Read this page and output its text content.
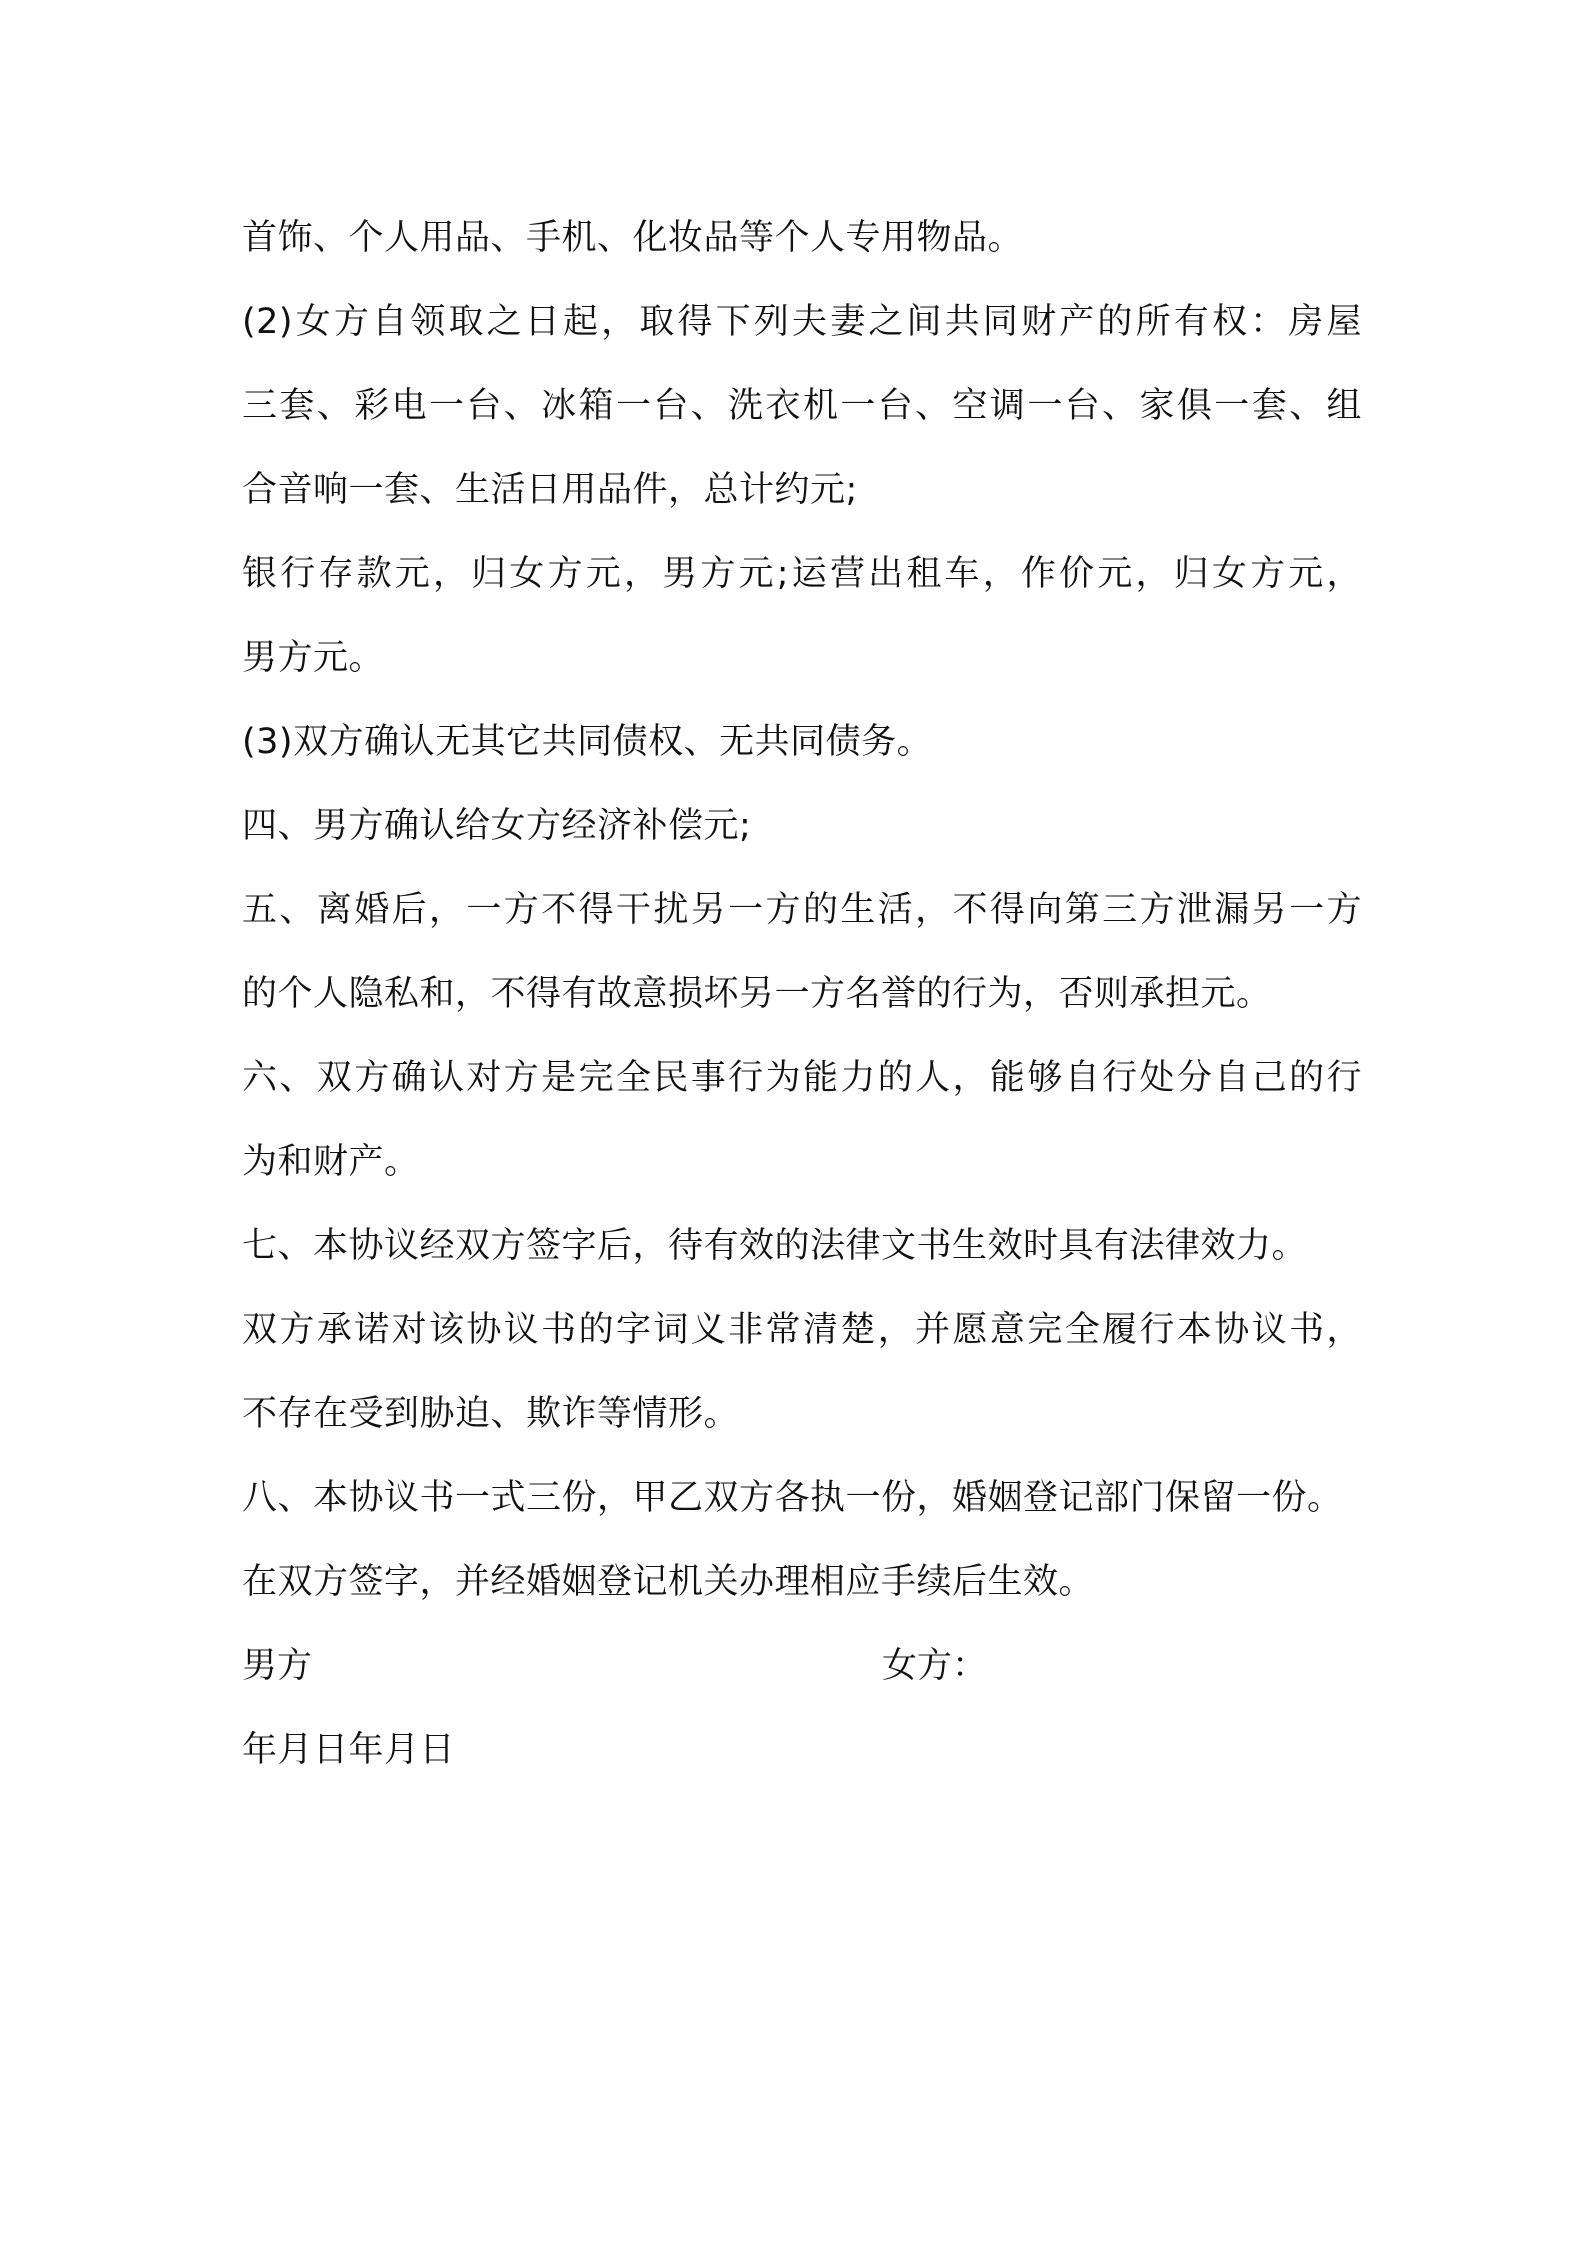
首饰、个人用品、手机、化妆品等个人专用物品。
(2)女方自领取之日起，取得下列夫妻之间共同财产的所有权：房屋
三套、彩电一台、冰箱一台、洗衣机一台、空调一台、家俱一套、组
合音响一套、生活日用品件，总计约元;
银行存款元，归女方元，男方元;运营出租车，作价元，归女方元，
男方元。
(3)双方确认无其它共同债权、无共同债务。
四、男方确认给女方经济补偿元;
五、离婚后，一方不得干扰另一方的生活，不得向第三方泄漏另一方
的个人隐私和，不得有故意损坏另一方名誉的行为，否则承担元。
六、双方确认对方是完全民事行为能力的人，能够自行处分自己的行
为和财产。
七、本协议经双方签字后，待有效的法律文书生效时具有法律效力。
双方承诺对该协议书的字词义非常清楚，并愿意完全履行本协议书，
不存在受到胁迫、欺诈等情形。
八、本协议书一式三份，甲乙双方各执一份，婚姻登记部门保留一份。
在双方签字，并经婚姻登记机关办理相应手续后生效。
男方	女方：
年月日年月日
